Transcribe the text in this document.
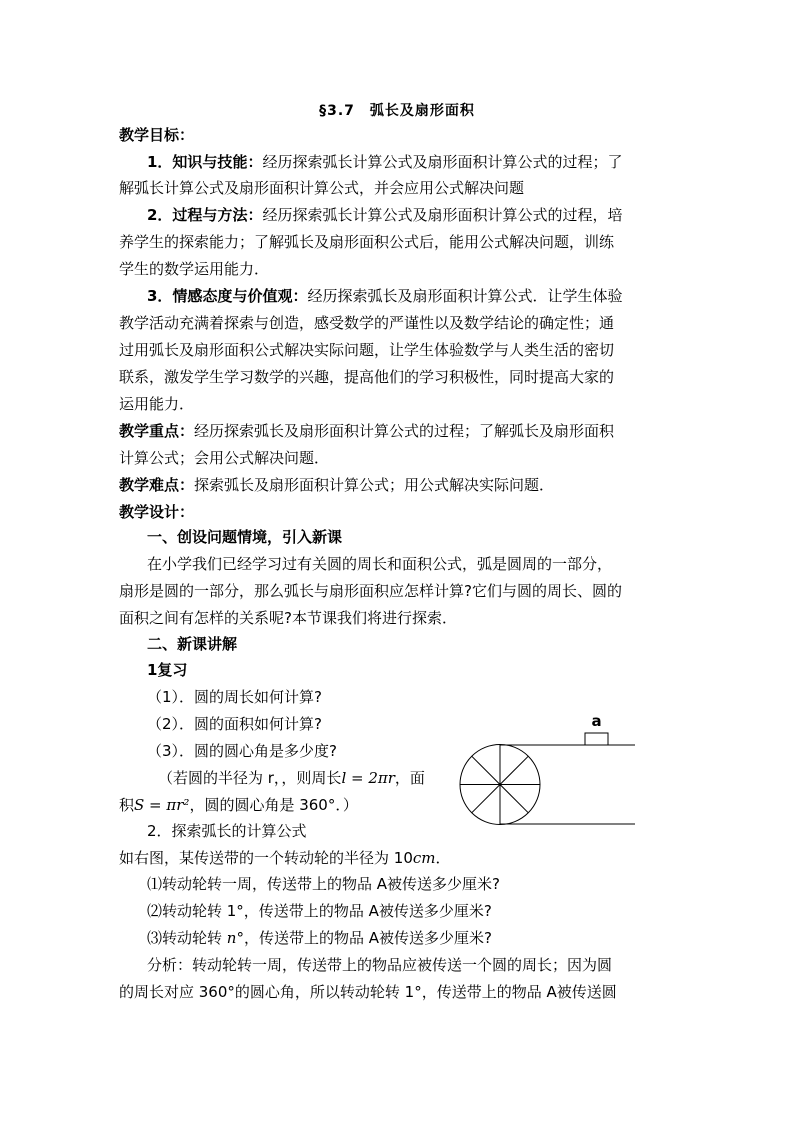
§3.7　弧长及扇形面积
教学目标：
1．知识与技能：经历探索弧长计算公式及扇形面积计算公式的过程；了
解弧长计算公式及扇形面积计算公式，并会应用公式解决问题
2．过程与方法：经历探索弧长计算公式及扇形面积计算公式的过程，培
养学生的探索能力；了解弧长及扇形面积公式后，能用公式解决问题，训练
学生的数学运用能力．
3．情感态度与价值观：经历探索弧长及扇形面积计算公式．让学生体验
教学活动充满着探索与创造，感受数学的严谨性以及数学结论的确定性；通
过用弧长及扇形面积公式解决实际问题，让学生体验数学与人类生活的密切
联系，激发学生学习数学的兴趣，提高他们的学习积极性，同时提高大家的
运用能力．
教学重点：经历探索弧长及扇形面积计算公式的过程；了解弧长及扇形面积
计算公式；会用公式解决问题．
教学难点：探索弧长及扇形面积计算公式；用公式解决实际问题．
教学设计：
一、创设问题情境，引入新课
在小学我们已经学习过有关圆的周长和面积公式，弧是圆周的一部分，
扇形是圆的一部分，那么弧长与扇形面积应怎样计算?它们与圆的周长、圆的
面积之间有怎样的关系呢?本节课我们将进行探索．
二、新课讲解
1复习
（1）．圆的周长如何计算?
（2）．圆的面积如何计算?
（3）．圆的圆心角是多少度?
（若圆的半径为 r，，则周长l = 2πr，面
积S = πr²，圆的圆心角是 360°．）
2．探索弧长的计算公式
如右图，某传送带的一个转动轮的半径为 10cm．
⑴转动轮转一周，传送带上的物品 A被传送多少厘米?
⑵转动轮转 1°，传送带上的物品 A被传送多少厘米?
⑶转动轮转 n°，传送带上的物品 A被传送多少厘米?
分析：转动轮转一周，传送带上的物品应被传送一个圆的周长；因为圆
的周长对应 360°的圆心角，所以转动轮转 1°，传送带上的物品 A被传送圆
a
